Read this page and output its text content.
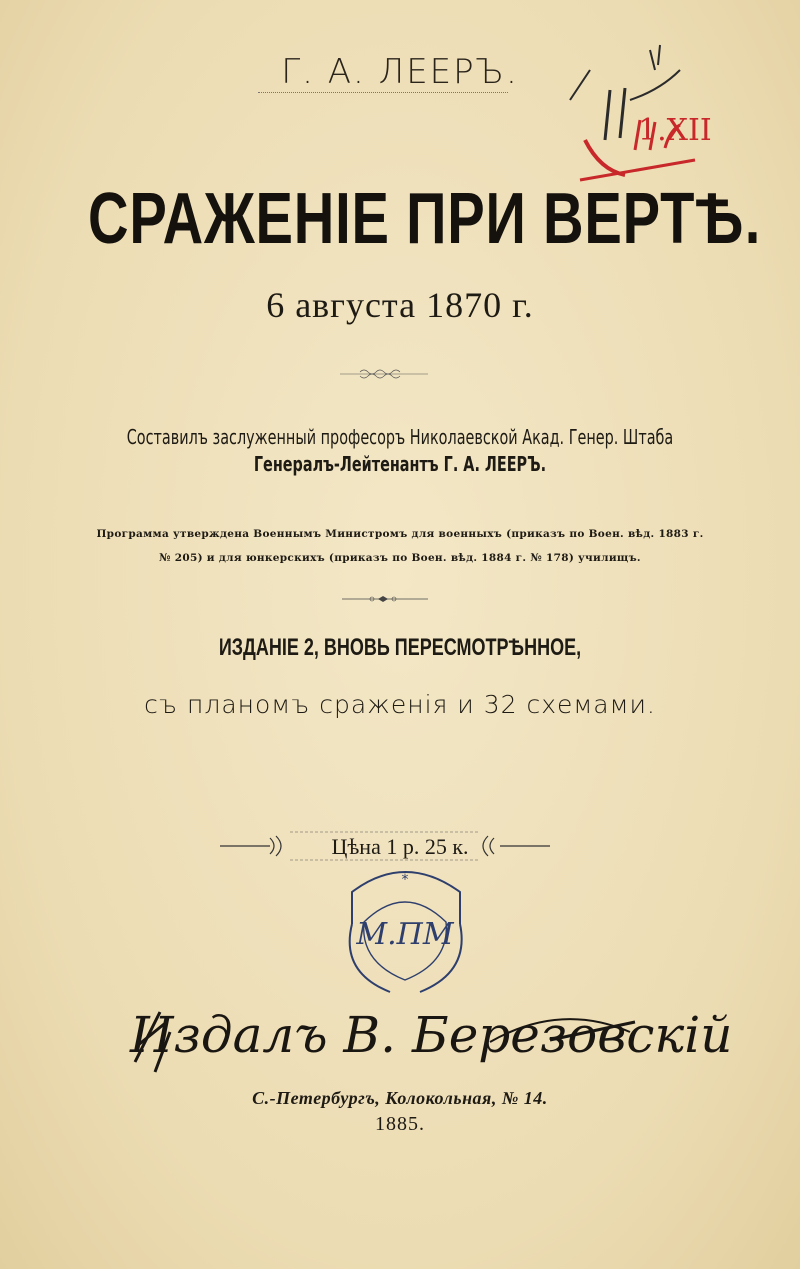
Г. А. ЛЕЕРЪ.
1.XII
СРАЖЕНІЕ ПРИ ВЕРТѢ.
6 августа 1870 г.
Составилъ заслуженный професоръ Николаевской Акад. Генер. Штаба
Генералъ-Лейтенантъ Г. А. ЛЕЕРЪ.
Программа утверждена Военнымъ Министромъ для военныхъ (приказъ по Воен. вѣд. 1883 г.
№ 205) и для юнкерскихъ (приказъ по Воен. вѣд. 1884 г. № 178) училищъ.
ИЗДАНІЕ 2, ВНОВЬ ПЕРЕСМОТРѢННОЕ,
съ планомъ сраженія и 32 схемами.
Цѣна 1 р. 25 к.
М.ПМ
*
Издалъ В. Березовскій
С.-Петербургъ, Колокольная, № 14.
1885.
